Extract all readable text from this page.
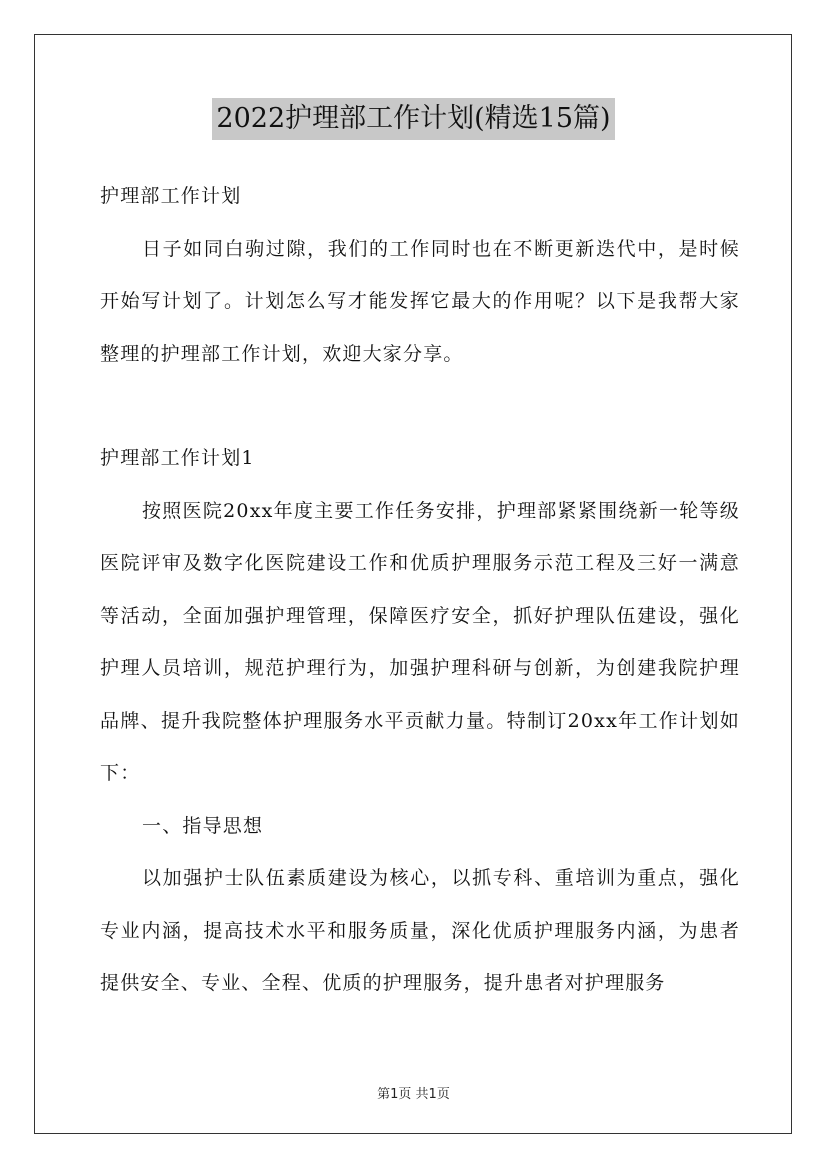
2022护理部工作计划(精选15篇)

护理部工作计划

日子如同白驹过隙，我们的工作同时也在不断更新迭代中，是时候开始写计划了。计划怎么写才能发挥它最大的作用呢？以下是我帮大家整理的护理部工作计划，欢迎大家分享。

护理部工作计划1

按照医院20xx年度主要工作任务安排，护理部紧紧围绕新一轮等级医院评审及数字化医院建设工作和优质护理服务示范工程及三好一满意等活动，全面加强护理管理，保障医疗安全，抓好护理队伍建设，强化护理人员培训，规范护理行为，加强护理科研与创新，为创建我院护理品牌、提升我院整体护理服务水平贡献力量。特制订20xx年工作计划如下：

一、指导思想

以加强护士队伍素质建设为核心，以抓专科、重培训为重点，强化专业内涵，提高技术水平和服务质量，深化优质护理服务内涵，为患者提供安全、专业、全程、优质的护理服务，提升患者对护理服务

第1页 共1页
